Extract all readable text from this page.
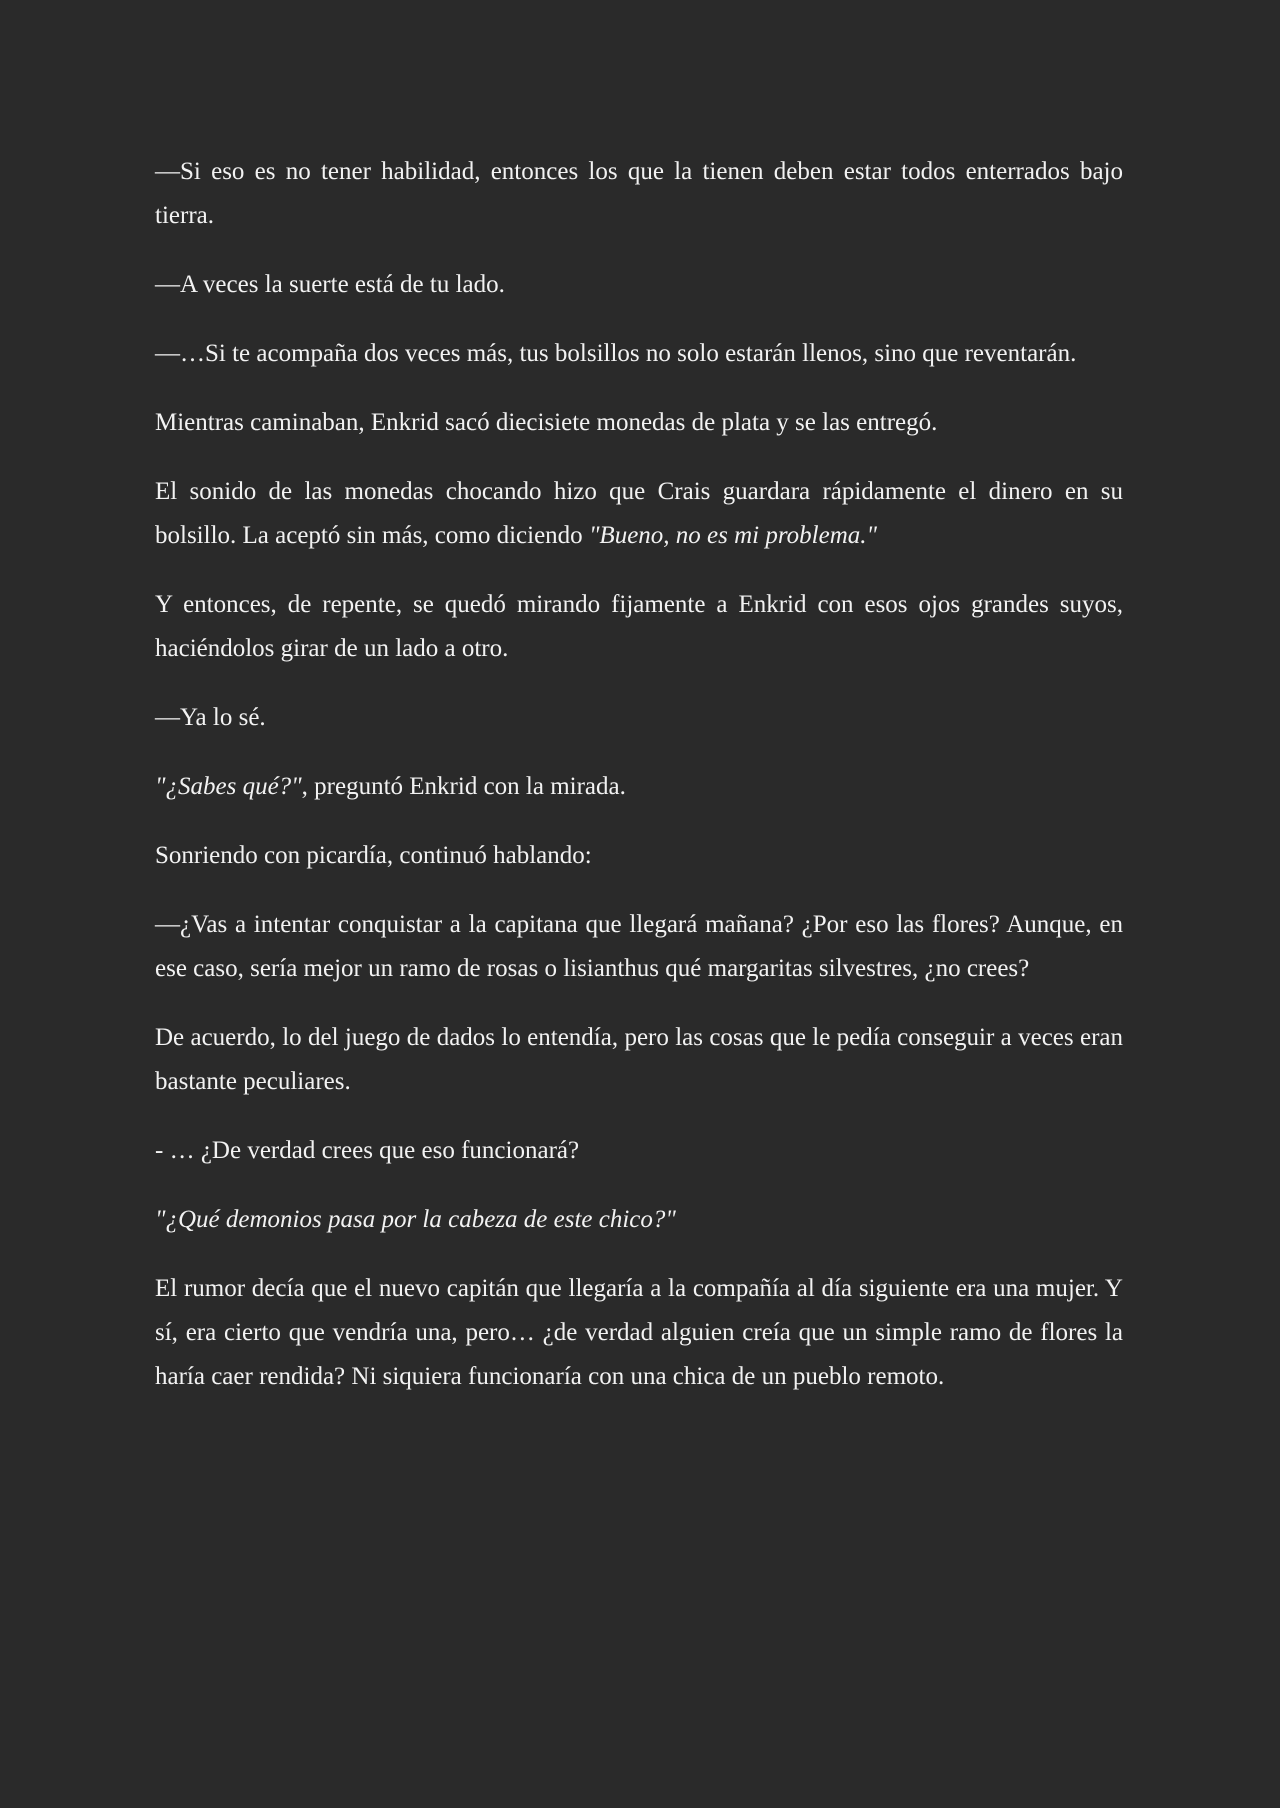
—Si eso es no tener habilidad, entonces los que la tienen deben estar todos enterrados bajo tierra.

—A veces la suerte está de tu lado.

—…Si te acompaña dos veces más, tus bolsillos no solo estarán llenos, sino que reventarán.

Mientras caminaban, Enkrid sacó diecisiete monedas de plata y se las entregó.

El sonido de las monedas chocando hizo que Crais guardara rápidamente el dinero en su bolsillo. La aceptó sin más, como diciendo "Bueno, no es mi problema."

Y entonces, de repente, se quedó mirando fijamente a Enkrid con esos ojos grandes suyos, haciéndolos girar de un lado a otro.

—Ya lo sé.

"¿Sabes qué?", preguntó Enkrid con la mirada.

Sonriendo con picardía, continuó hablando:

—¿Vas a intentar conquistar a la capitana que llegará mañana? ¿Por eso las flores? Aunque, en ese caso, sería mejor un ramo de rosas o lisianthus qué margaritas silvestres, ¿no crees?

De acuerdo, lo del juego de dados lo entendía, pero las cosas que le pedía conseguir a veces eran bastante peculiares.

- … ¿De verdad crees que eso funcionará?

"¿Qué demonios pasa por la cabeza de este chico?"

El rumor decía que el nuevo capitán que llegaría a la compañía al día siguiente era una mujer. Y sí, era cierto que vendría una, pero… ¿de verdad alguien creía que un simple ramo de flores la haría caer rendida? Ni siquiera funcionaría con una chica de un pueblo remoto.
